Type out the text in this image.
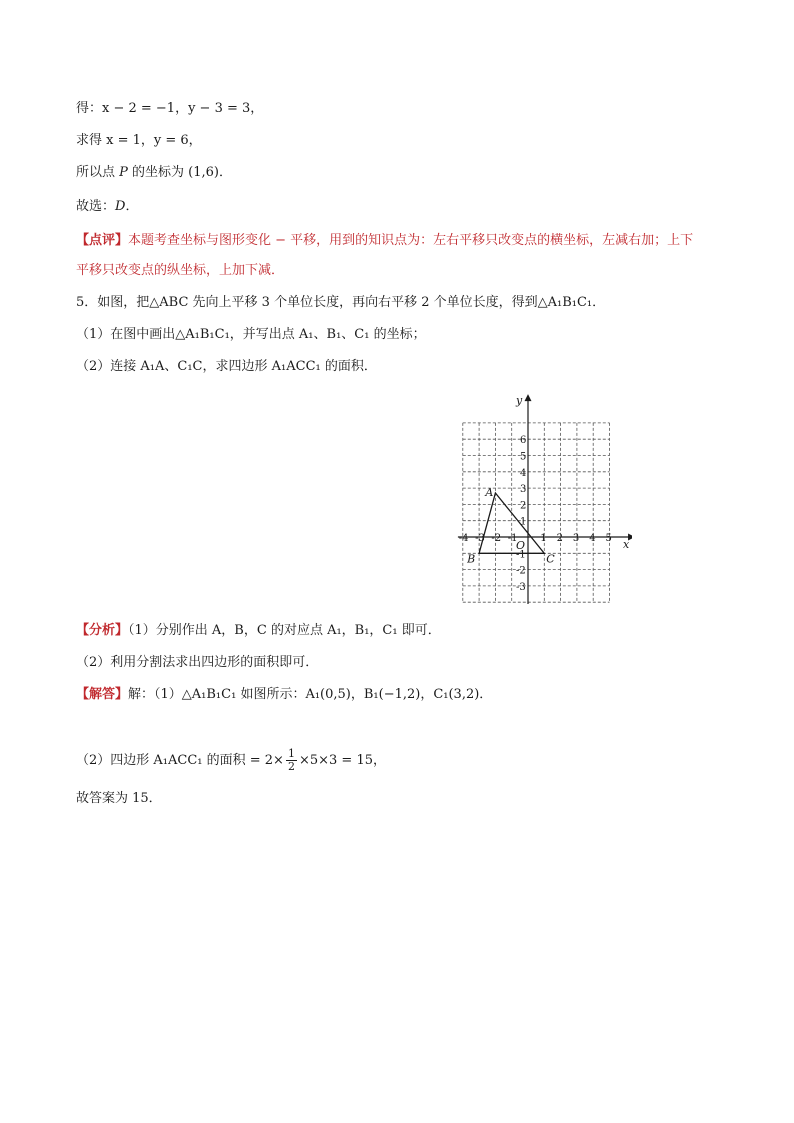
得：x − 2 = −1，y − 3 = 3，
求得 x = 1，y = 6，
所以点 P 的坐标为 (1,6)．
故选：D．
【点评】本题考查坐标与图形变化 − 平移，用到的知识点为：左右平移只改变点的横坐标，左减右加；上下
平移只改变点的纵坐标，上加下减．
5．如图，把△ABC 先向上平移 3 个单位长度，再向右平移 2 个单位长度，得到△A₁B₁C₁．
（1）在图中画出△A₁B₁C₁，并写出点 A₁、B₁、C₁ 的坐标；
（2）连接 A₁A、C₁C，求四边形 A₁ACC₁ 的面积．
-4 -3 -2 -1 1 2 3 4 5
6
5
4
3
2
1
-1
-2
-3
A
B	C
O	x
y
【分析】（1）分别作出 A，B，C 的对应点 A₁，B₁，C₁ 即可．
（2）利用分割法求出四边形的面积即可．
【解答】解：（1）△A₁B₁C₁ 如图所示：A₁(0,5)，B₁(−1,2)，C₁(3,2)．
（2）四边形 A₁ACC₁ 的面积 = $2\times \frac{1}{2} \times 5\times 3 = 15$，
故答案为 15．
